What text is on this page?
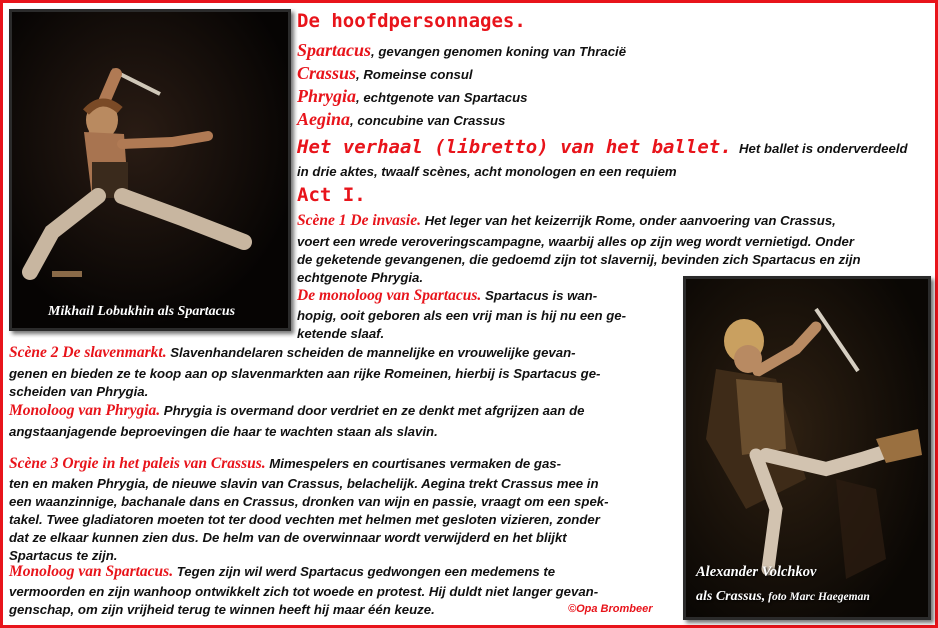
Mikhail Lobukhin als Spartacus
Alexander Volchkov
als Crassus, foto Marc Haegeman
De hoofdpersonnages.
Spartacus, gevangen genomen koning van Thracië
Crassus, Romeinse consul
Phrygia, echtgenote van Spartacus
Aegina, concubine van Crassus
Het verhaal (libretto) van het ballet. Het ballet is onderverdeeld
in drie aktes, twaalf scènes, acht monologen en een requiem
Act I.
Scène 1 De invasie. Het leger van het keizerrijk Rome, onder aanvoering van Crassus,
voert een wrede veroveringscampagne, waarbij alles op zijn weg wordt vernietigd. Onder
de geketende gevangenen, die gedoemd zijn tot slavernij, bevinden zich Spartacus en zijn
echtgenote Phrygia.
De monoloog van Spartacus. Spartacus is wan-
hopig, ooit geboren als een vrij man is hij nu een ge-
ketende slaaf.
Scène 2 De slavenmarkt. Slavenhandelaren scheiden de mannelijke en vrouwelijke gevan-
genen en bieden ze te koop aan op slavenmarkten aan rijke Romeinen, hierbij is Spartacus ge-
scheiden van Phrygia.
Monoloog van Phrygia. Phrygia is overmand door verdriet en ze denkt met afgrijzen aan de
angstaanjagende beproevingen die haar te wachten staan als slavin.
Scène 3 Orgie in het paleis van Crassus. Mimespelers en courtisanes vermaken de gas-
ten en maken Phrygia, de nieuwe slavin van Crassus, belachelijk. Aegina trekt Crassus mee in
een waanzinnige, bachanale dans en Crassus, dronken van wijn en passie, vraagt om een spek-
takel. Twee gladiatoren moeten tot ter dood vechten met helmen met gesloten vizieren, zonder
dat ze elkaar kunnen zien dus. De helm van de overwinnaar wordt verwijderd en het blijkt
Spartacus te zijn.
Monoloog van Spartacus. Tegen zijn wil werd Spartacus gedwongen een medemens te
vermoorden en zijn wanhoop ontwikkelt zich tot woede en protest. Hij duldt niet langer gevan-
genschap, om zijn vrijheid terug te winnen heeft hij maar één keuze.	©Opa Brombeer
